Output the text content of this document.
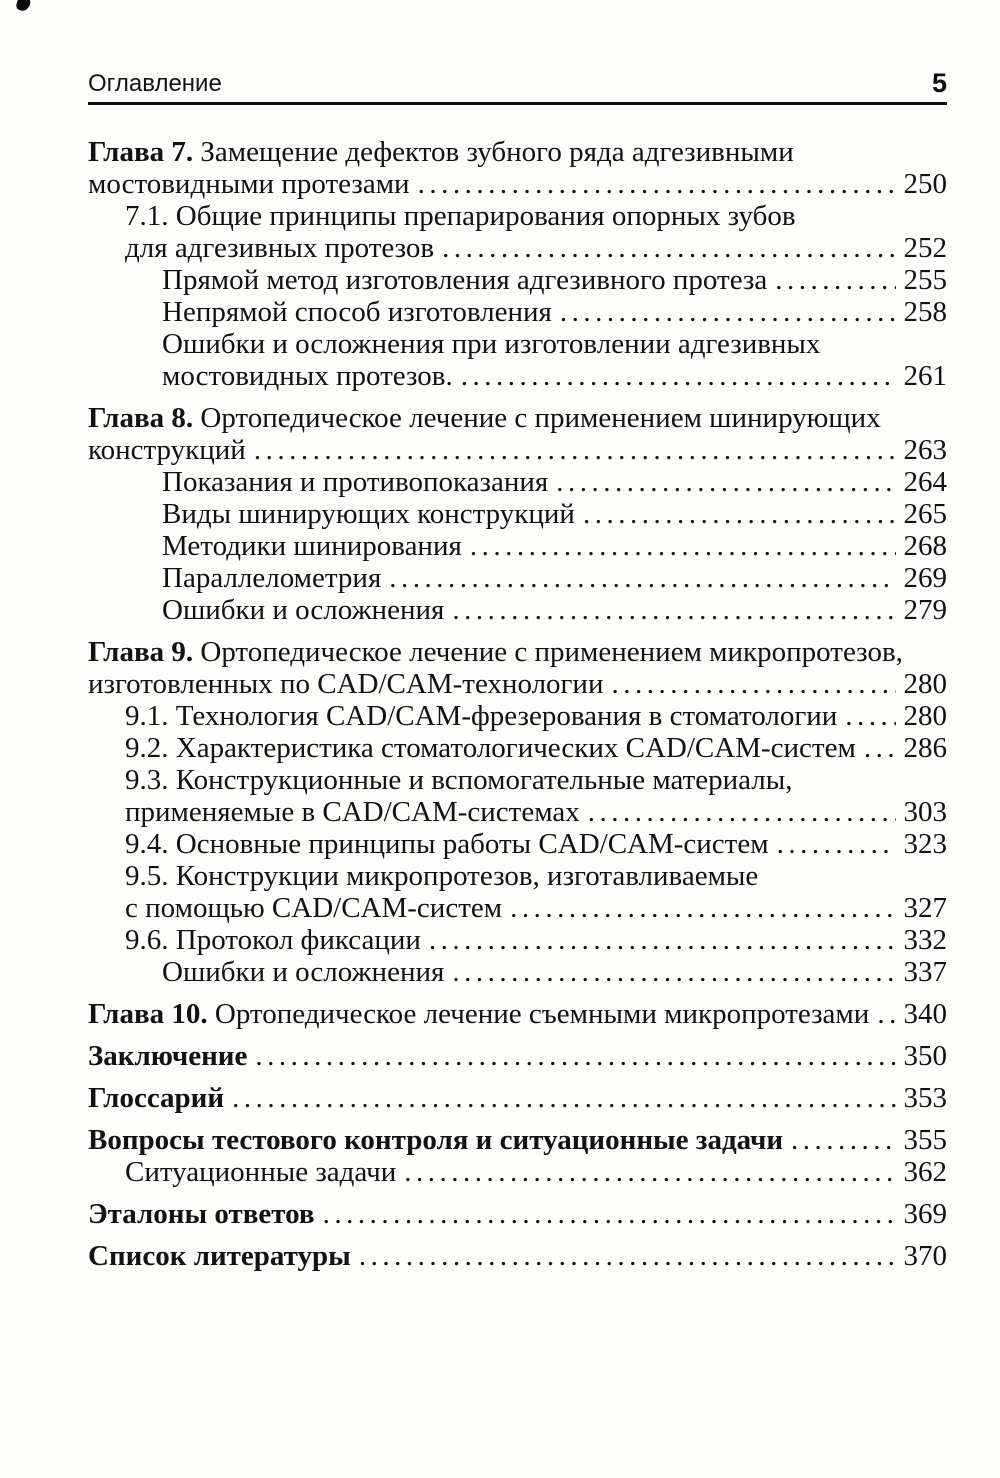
Оглавление	5
Глава 7. Замещение дефектов зубного ряда адгезивными
мостовидными протезами .....	250
7.1. Общие принципы препарирования опорных зубов
для адгезивных протезов .....	252
Прямой метод изготовления адгезивного протеза .....	255
Непрямой способ изготовления .....	258
Ошибки и осложнения при изготовлении адгезивных
мостовидных протезов. .....	261
Глава 8. Ортопедическое лечение с применением шинирующих
конструкций .....	263
Показания и противопоказания .....	264
Виды шинирующих конструкций .....	265
Методики шинирования .....	268
Параллелометрия .....	269
Ошибки и осложнения .....	279
Глава 9. Ортопедическое лечение с применением микропротезов,
изготовленных по CAD/CAM-технологии .....	280
9.1. Технология CAD/CAM-фрезерования в стоматологии ..... 280
9.2. Характеристика стоматологических CAD/CAM-систем ..... 286
9.3. Конструкционные и вспомогательные материалы,
применяемые в CAD/CAM-системах .....	303
9.4. Основные принципы работы CAD/CAM-систем .....	323
9.5. Конструкции микропротезов, изготавливаемые
с помощью CAD/CAM-систем .....	327
9.6. Протокол фиксации .....	332
Ошибки и осложнения .....	337
Глава 10. Ортопедическое лечение съемными микропротезами ..... 340
Заключение .....	350
Глоссарий .....	353
Вопросы тестового контроля и ситуационные задачи .....	355
Ситуационные задачи .....	362
Эталоны ответов .....	369
Список литературы .....	370
